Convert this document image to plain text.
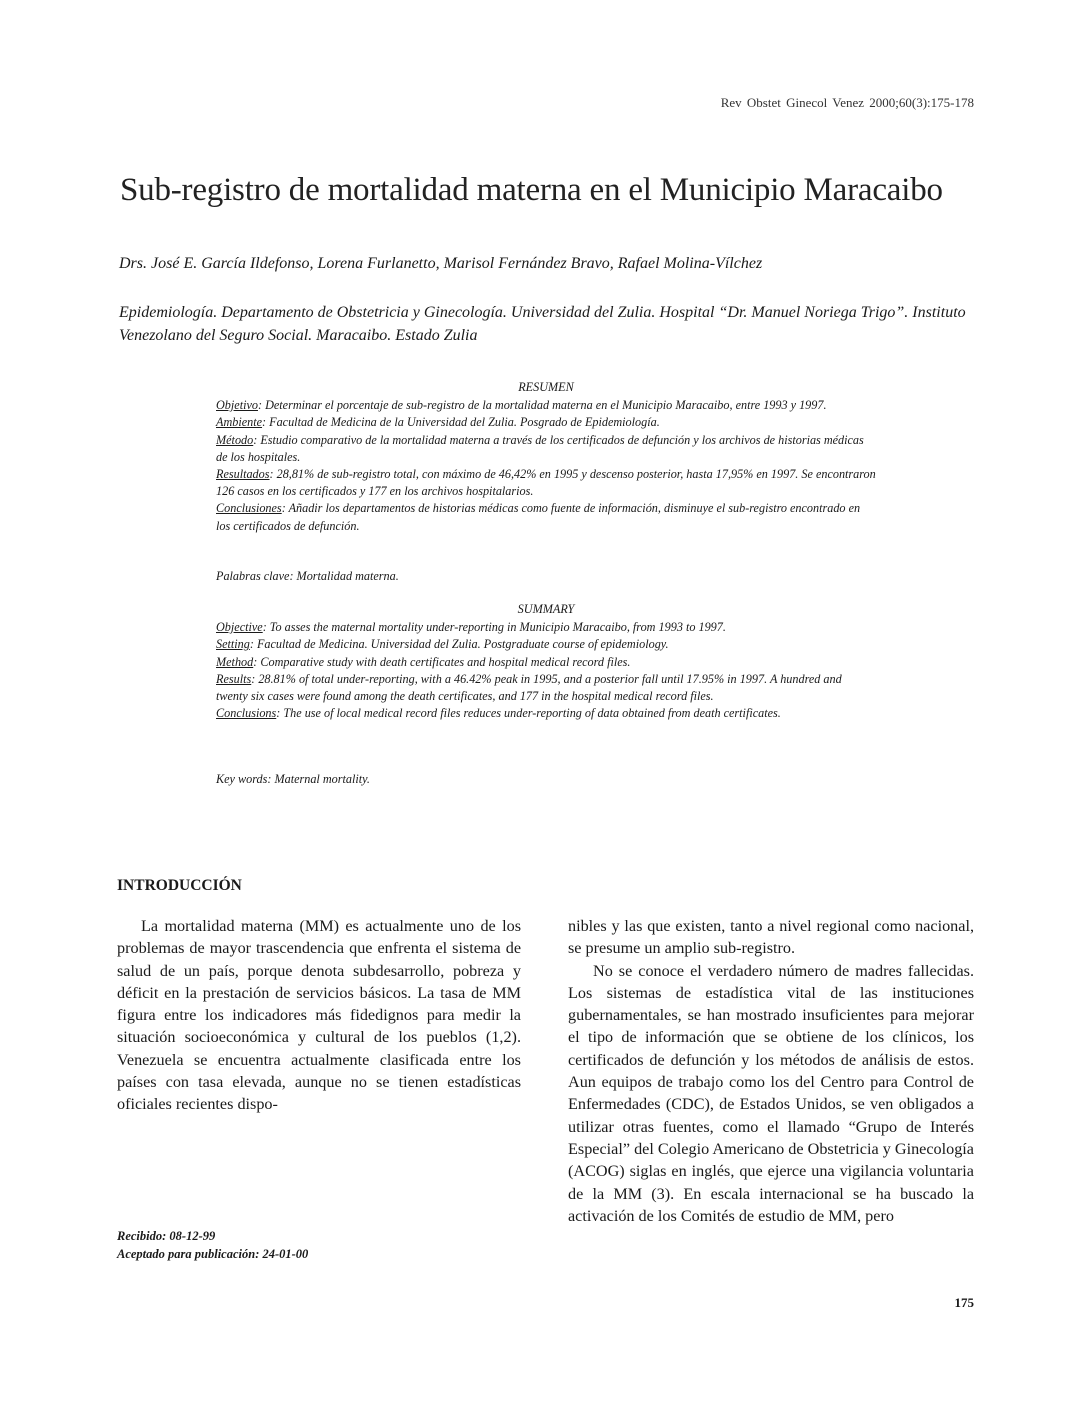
Rev Obstet Ginecol Venez 2000;60(3):175-178
Sub-registro de mortalidad materna en el Municipio Maracaibo

Drs. José E. García Ildefonso, Lorena Furlanetto, Marisol Fernández Bravo, Rafael Molina-Vílchez

Epidemiología. Departamento de Obstetricia y Ginecología. Universidad del Zulia. Hospital “Dr. Manuel Noriega Trigo”. Instituto Venezolano del Seguro Social. Maracaibo. Estado Zulia

RESUMEN

Objetivo: Determinar el porcentaje de sub-registro de la mortalidad materna en el Municipio Maracaibo, entre 1993 y 1997.

Ambiente: Facultad de Medicina de la Universidad del Zulia. Posgrado de Epidemiología.

Método: Estudio comparativo de la mortalidad materna a través de los certificados de defunción y los archivos de historias médicas de los hospitales.

Resultados: 28,81% de sub-registro total, con máximo de 46,42% en 1995 y descenso posterior, hasta 17,95% en 1997. Se encontraron 126 casos en los certificados y 177 en los archivos hospitalarios.

Conclusiones: Añadir los departamentos de historias médicas como fuente de información, disminuye el sub-registro encontrado en los certificados de defunción.

Palabras clave: Mortalidad materna.
SUMMARY

Objective: To asses the maternal mortality under-reporting in Municipio Maracaibo, from 1993 to 1997.

Setting: Facultad de Medicina. Universidad del Zulia. Postgraduate course of epidemiology.

Method: Comparative study with death certificates and hospital medical record files.

Results: 28.81% of total under-reporting, with a 46.42% peak in 1995, and a posterior fall until 17.95% in 1997. A hundred and twenty six cases were found among the death certificates, and 177 in the hospital medical record files.

Conclusions: The use of local medical record files reduces under-reporting of data obtained from death certificates.

Key words: Maternal mortality.
INTRODUCCIÓN

La mortalidad materna (MM) es actualmente uno de los problemas de mayor trascendencia que enfrenta el sistema de salud de un país, porque denota subdesarrollo, pobreza y déficit en la prestación de servicios básicos. La tasa de MM figura entre los indicadores más fidedignos para medir la situación socioeconómica y cultural de los pueblos (1,2). Venezuela se encuentra actualmente clasificada entre los países con tasa elevada, aunque no se tienen estadísticas oficiales recientes dispo-

nibles y las que existen, tanto a nivel regional como nacional, se presume un amplio sub-registro.

No se conoce el verdadero número de madres fallecidas. Los sistemas de estadística vital de las instituciones gubernamentales, se han mostrado insuficientes para mejorar el tipo de información que se obtiene de los clínicos, los certificados de defunción y los métodos de análisis de estos. Aun equipos de trabajo como los del Centro para Control de Enfermedades (CDC), de Estados Unidos, se ven obligados a utilizar otras fuentes, como el llamado “Grupo de Interés Especial” del Colegio Americano de Obstetricia y Ginecología (ACOG) siglas en inglés, que ejerce una vigilancia voluntaria de la MM (3). En escala internacional se ha buscado la activación de los Comités de estudio de MM, pero

Recibido: 08-12-99
Aceptado para publicación: 24-01-00
175
